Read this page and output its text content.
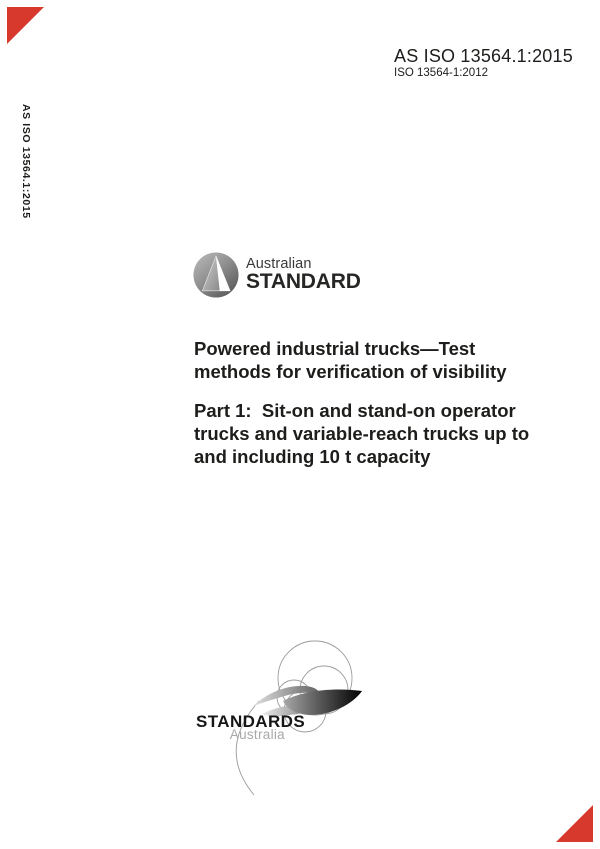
AS ISO 13564.1:2015
ISO 13564-1:2012
AS ISO 13564.1:2015
Australian
STANDARD
Powered industrial trucks—Test
methods for verification of visibility
Part 1:  Sit-on and stand-on operator
trucks and variable-reach trucks up to
and including 10 t capacity
STANDARDS
Australia
